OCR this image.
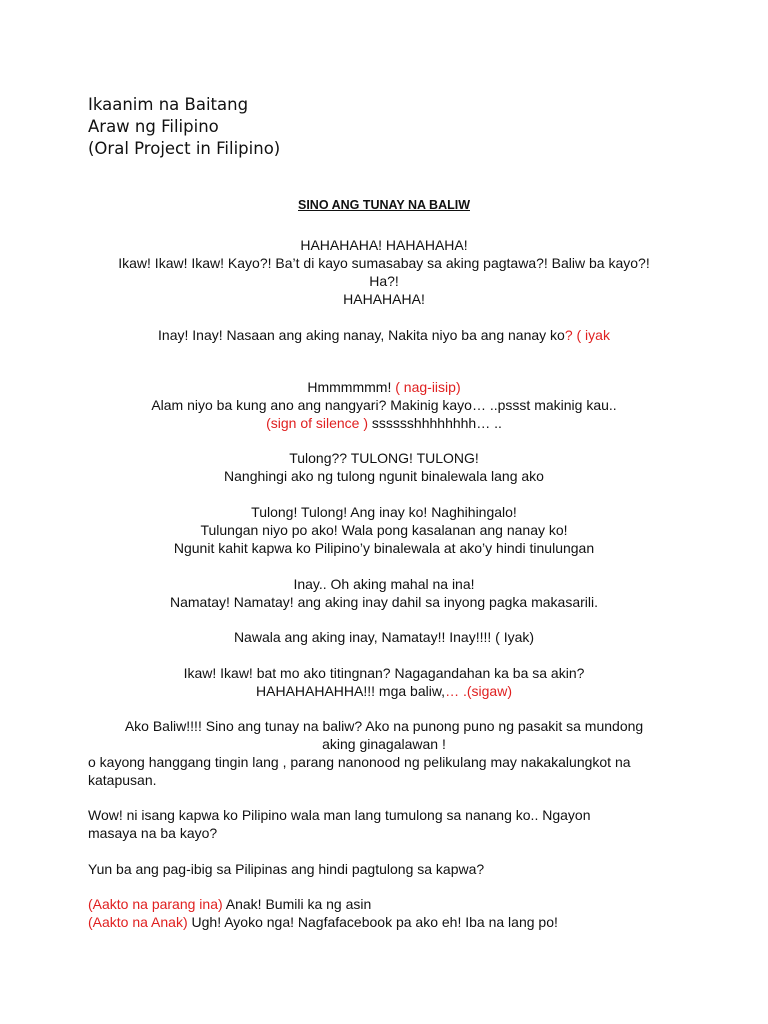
Ikaanim na Baitang
Araw ng Filipino
(Oral Project in Filipino)
SINO ANG TUNAY NA BALIW
HAHAHAHA! HAHAHAHA!
Ikaw! Ikaw! Ikaw! Kayo?! Ba’t di kayo sumasabay sa aking pagtawa?! Baliw ba kayo?!
Ha?!
HAHAHAHA!
Inay! Inay! Nasaan ang aking nanay, Nakita niyo ba ang nanay ko? ( iyak
Hmmmmmm! ( nag-iisip)
Alam niyo ba kung ano ang nangyari? Makinig kayo… ..pssst makinig kau..
(sign of silence ) sssssshhhhhhhh… ..
Tulong?? TULONG! TULONG!
Nanghingi ako ng tulong ngunit binalewala lang ako
Tulong! Tulong! Ang inay ko! Naghihingalo!
Tulungan niyo po ako! Wala pong kasalanan ang nanay ko!
Ngunit kahit kapwa ko Pilipino’y binalewala at ako’y hindi tinulungan
Inay.. Oh aking mahal na ina!
Namatay! Namatay! ang aking inay dahil sa inyong pagka makasarili.
Nawala ang aking inay, Namatay!! Inay!!!! ( Iyak)
Ikaw! Ikaw! bat mo ako titingnan? Nagagandahan ka ba sa akin?
HAHAHAHAHHA!!! mga baliw,… .(sigaw)
Ako Baliw!!!! Sino ang tunay na baliw? Ako na punong puno ng pasakit sa mundong
aking ginagalawan !
o kayong hanggang tingin lang , parang nanonood ng pelikulang may nakakalungkot na
katapusan.
Wow! ni isang kapwa ko Pilipino wala man lang tumulong sa nanang ko.. Ngayon
masaya na ba kayo?
Yun ba ang pag-ibig sa Pilipinas ang hindi pagtulong sa kapwa?
(Aakto na parang ina) Anak! Bumili ka ng asin
(Aakto na Anak) Ugh! Ayoko nga! Nagfafacebook pa ako eh! Iba na lang po!
